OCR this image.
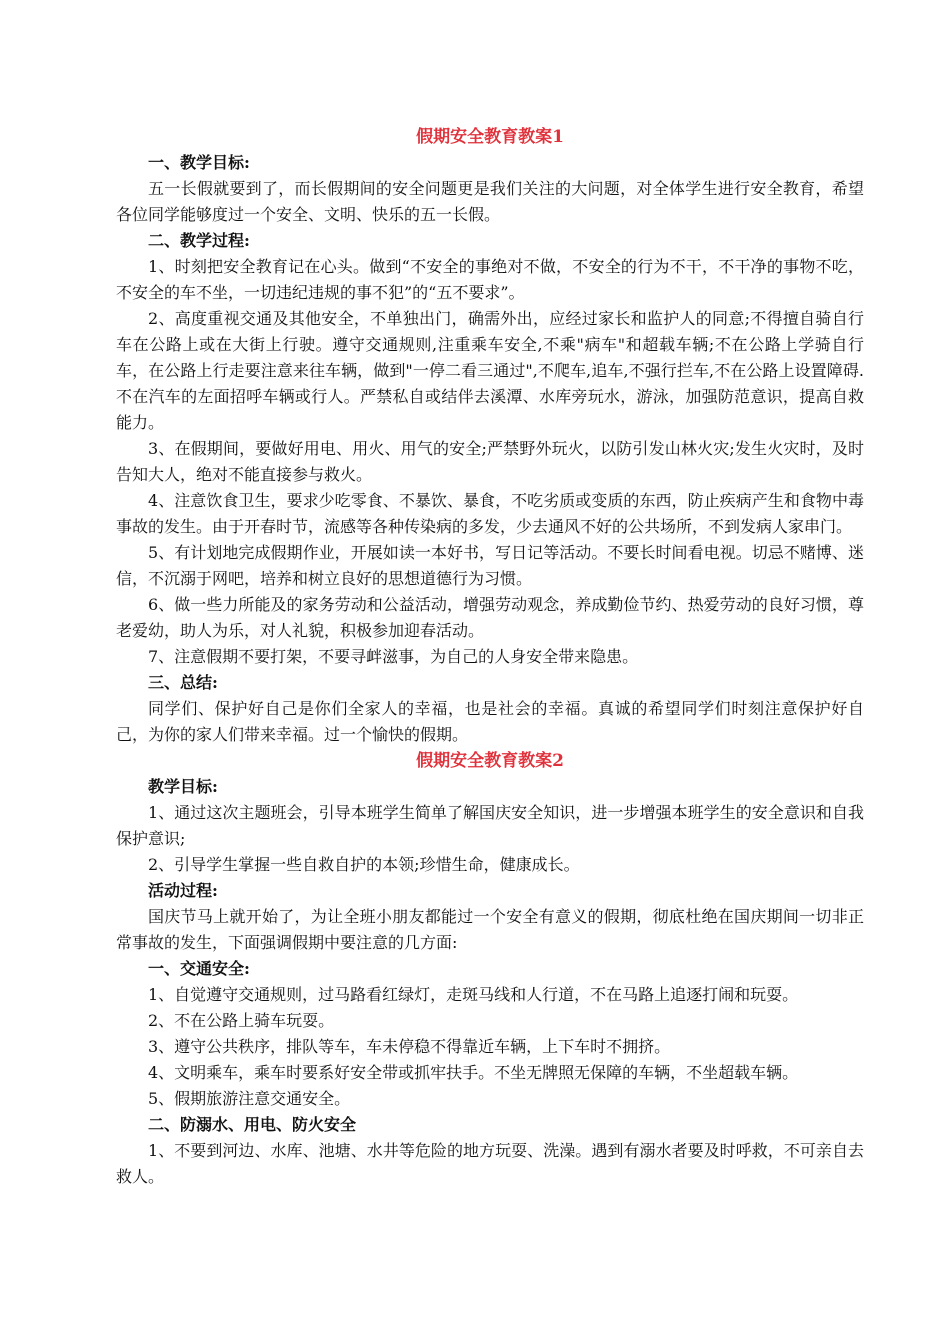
假期安全教育教案1

一、教学目标:

五一长假就要到了，而长假期间的安全问题更是我们关注的大问题，对全体学生进行安全教育，希望各位同学能够度过一个安全、文明、快乐的五一长假。

二、教学过程:

1、时刻把安全教育记在心头。做到“不安全的事绝对不做，不安全的行为不干，不干净的事物不吃，不安全的车不坐，一切违纪违规的事不犯”的“五不要求”。

2、高度重视交通及其他安全，不单独出门，确需外出，应经过家长和监护人的同意;不得擅自骑自行车在公路上或在大街上行驶。遵守交通规则,注重乘车安全,不乘"病车"和超载车辆;不在公路上学骑自行车，在公路上行走要注意来往车辆，做到"一停二看三通过",不爬车,追车,不强行拦车,不在公路上设置障碍.不在汽车的左面招呼车辆或行人。严禁私自或结伴去溪潭、水库旁玩水，游泳，加强防范意识，提高自救能力。

3、在假期间，要做好用电、用火、用气的安全;严禁野外玩火，以防引发山林火灾;发生火灾时，及时告知大人，绝对不能直接参与救火。

4、注意饮食卫生，要求少吃零食、不暴饮、暴食，不吃劣质或变质的东西，防止疾病产生和食物中毒事故的发生。由于开春时节，流感等各种传染病的多发，少去通风不好的公共场所，不到发病人家串门。

5、有计划地完成假期作业，开展如读一本好书，写日记等活动。不要长时间看电视。切忌不赌博、迷信，不沉溺于网吧，培养和树立良好的思想道德行为习惯。

6、做一些力所能及的家务劳动和公益活动，增强劳动观念，养成勤俭节约、热爱劳动的良好习惯，尊老爱幼，助人为乐，对人礼貌，积极参加迎春活动。

7、注意假期不要打架，不要寻衅滋事，为自己的人身安全带来隐患。

三、总结:

同学们、保护好自己是你们全家人的幸福，也是社会的幸福。真诚的希望同学们时刻注意保护好自己，为你的家人们带来幸福。过一个愉快的假期。

假期安全教育教案2

教学目标:

1、通过这次主题班会，引导本班学生简单了解国庆安全知识，进一步增强本班学生的安全意识和自我保护意识;

2、引导学生掌握一些自救自护的本领;珍惜生命，健康成长。

活动过程:

国庆节马上就开始了，为让全班小朋友都能过一个安全有意义的假期，彻底杜绝在国庆期间一切非正常事故的发生，下面强调假期中要注意的几方面:

一、交通安全:

1、自觉遵守交通规则，过马路看红绿灯，走斑马线和人行道，不在马路上追逐打闹和玩耍。

2、不在公路上骑车玩耍。

3、遵守公共秩序，排队等车，车未停稳不得靠近车辆，上下车时不拥挤。

4、文明乘车，乘车时要系好安全带或抓牢扶手。不坐无牌照无保障的车辆，不坐超载车辆。

5、假期旅游注意交通安全。

二、防溺水、用电、防火安全

1、不要到河边、水库、池塘、水井等危险的地方玩耍、洗澡。遇到有溺水者要及时呼救，不可亲自去救人。
